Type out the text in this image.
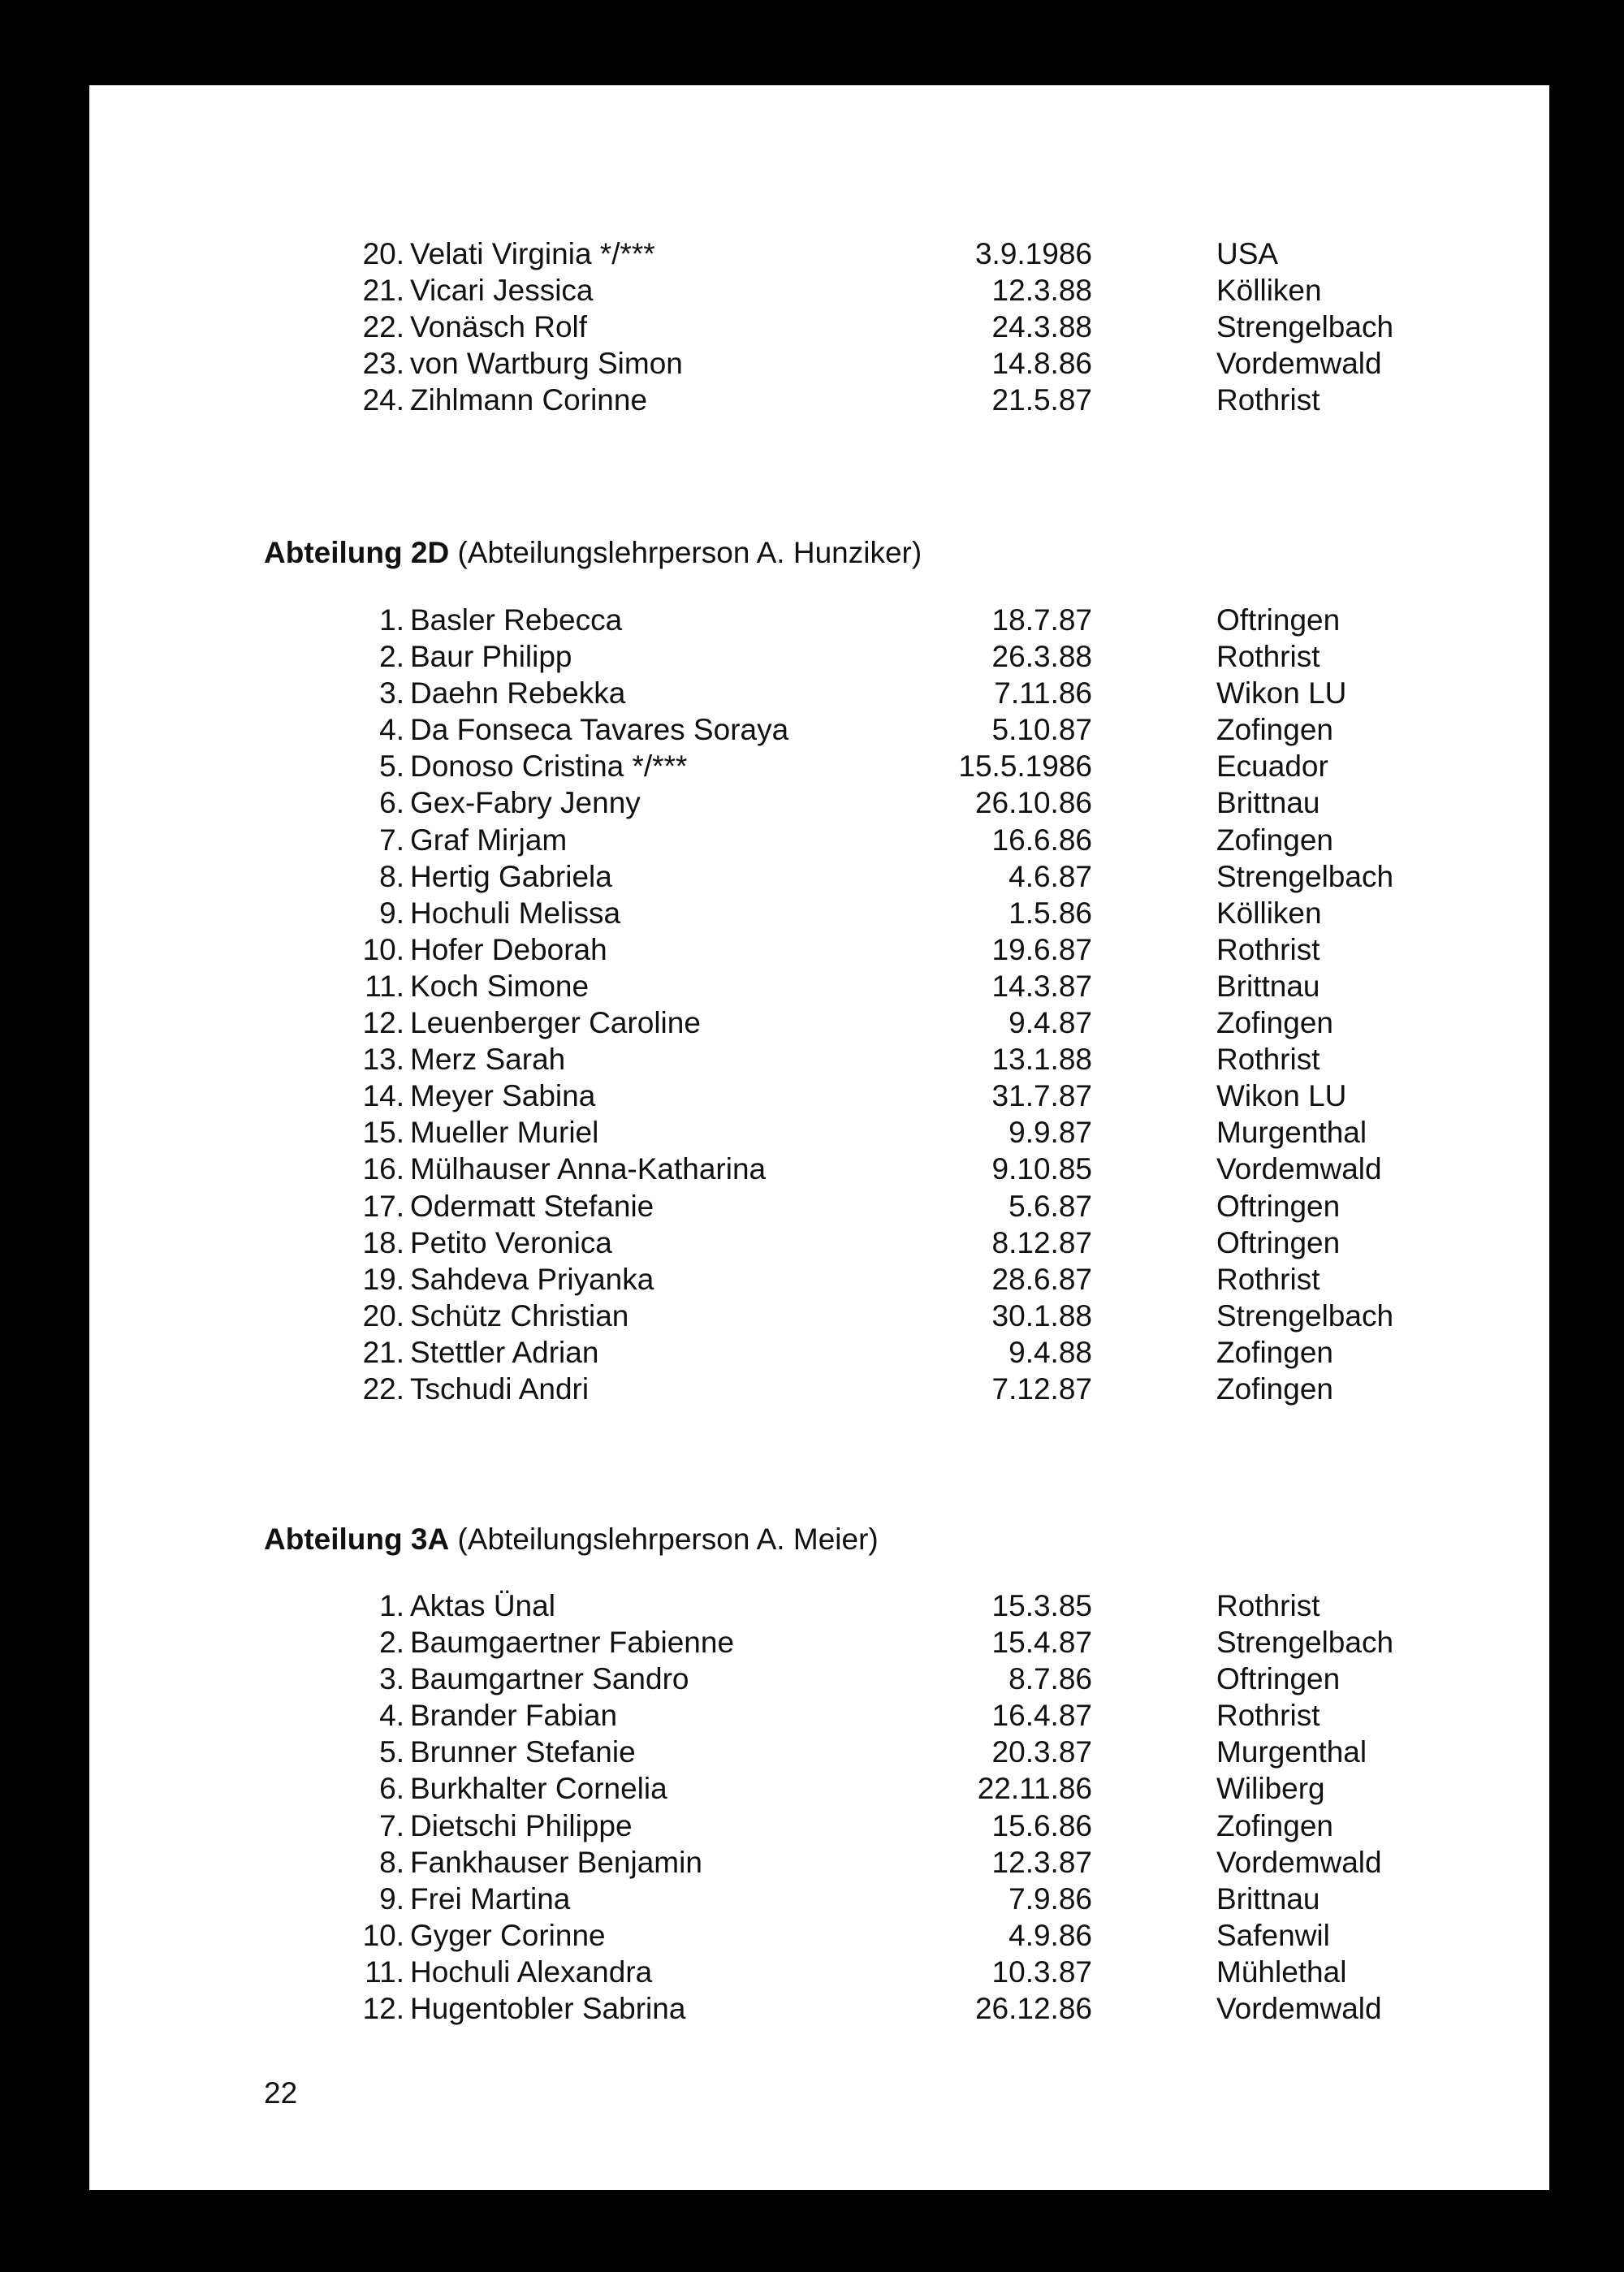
20. Velati Virginia */***	3.9.1986	USA
21. Vicari Jessica	12.3.88	Kölliken
22. Vonäsch Rolf	24.3.88	Strengelbach
23. von Wartburg Simon	14.8.86	Vordemwald
24. Zihlmann Corinne	21.5.87	Rothrist
Abteilung 2D (Abteilungslehrperson A. Hunziker)
1. Basler Rebecca	18.7.87	Oftringen
2. Baur Philipp	26.3.88	Rothrist
3. Daehn Rebekka	7.11.86	Wikon LU
4. Da Fonseca Tavares Soraya	5.10.87	Zofingen
5. Donoso Cristina */***	15.5.1986	Ecuador
6. Gex-Fabry Jenny	26.10.86	Brittnau
7. Graf Mirjam	16.6.86	Zofingen
8. Hertig Gabriela	4.6.87	Strengelbach
9. Hochuli Melissa	1.5.86	Kölliken
10. Hofer Deborah	19.6.87	Rothrist
11. Koch Simone	14.3.87	Brittnau
12. Leuenberger Caroline	9.4.87	Zofingen
13. Merz Sarah	13.1.88	Rothrist
14. Meyer Sabina	31.7.87	Wikon LU
15. Mueller Muriel	9.9.87	Murgenthal
16. Mülhauser Anna-Katharina	9.10.85	Vordemwald
17. Odermatt Stefanie	5.6.87	Oftringen
18. Petito Veronica	8.12.87	Oftringen
19. Sahdeva Priyanka	28.6.87	Rothrist
20. Schütz Christian	30.1.88	Strengelbach
21. Stettler Adrian	9.4.88	Zofingen
22. Tschudi Andri	7.12.87	Zofingen
Abteilung 3A (Abteilungslehrperson A. Meier)
1. Aktas Ünal	15.3.85	Rothrist
2. Baumgaertner Fabienne	15.4.87	Strengelbach
3. Baumgartner Sandro	8.7.86	Oftringen
4. Brander Fabian	16.4.87	Rothrist
5. Brunner Stefanie	20.3.87	Murgenthal
6. Burkhalter Cornelia	22.11.86	Wiliberg
7. Dietschi Philippe	15.6.86	Zofingen
8. Fankhauser Benjamin	12.3.87	Vordemwald
9. Frei Martina	7.9.86	Brittnau
10. Gyger Corinne	4.9.86	Safenwil
11. Hochuli Alexandra	10.3.87	Mühlethal
12. Hugentobler Sabrina	26.12.86	Vordemwald
22
